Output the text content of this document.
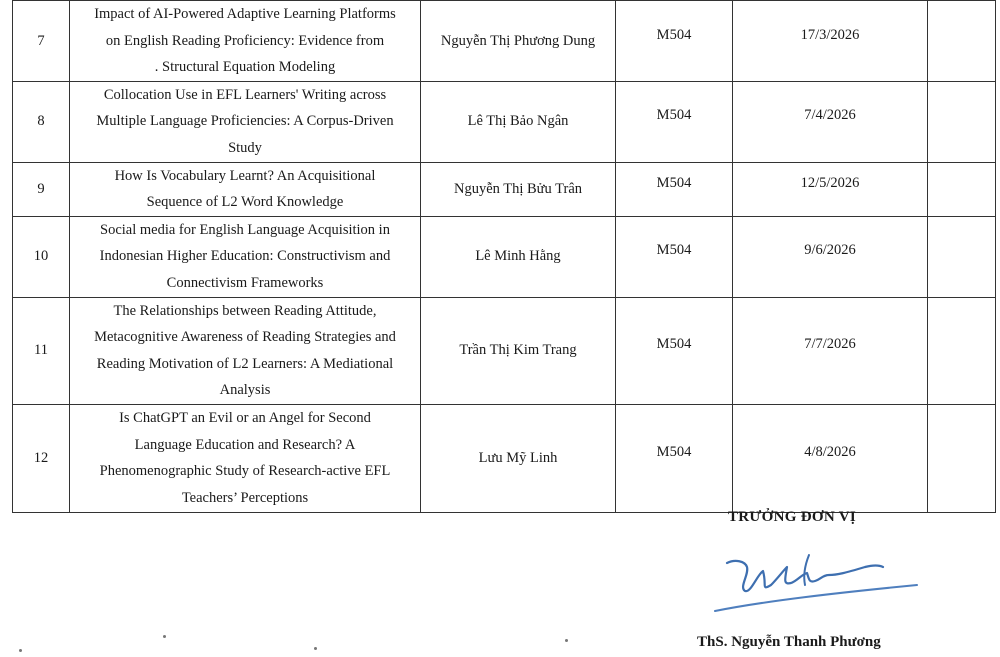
7	Impact of AI-Powered Adaptive Learning Platforms
on English Reading Proficiency: Evidence from
. Structural Equation Modeling	Nguyễn Thị Phương Dung	M504	17/3/2026	
8	Collocation Use in EFL Learners' Writing across
Multiple Language Proficiencies: A Corpus-Driven
Study	Lê Thị Bảo Ngân	M504	7/4/2026	
9	How Is Vocabulary Learnt? An Acquisitional
Sequence of L2 Word Knowledge	Nguyễn Thị Bửu Trân	M504	12/5/2026	
10	Social media for English Language Acquisition in
Indonesian Higher Education: Constructivism and
Connectivism Frameworks	Lê Minh Hằng	M504	9/6/2026	
11	The Relationships between Reading Attitude,
Metacognitive Awareness of Reading Strategies and
Reading Motivation of L2 Learners: A Mediational
Analysis	Trần Thị Kim Trang	M504	7/7/2026	
12	Is ChatGPT an Evil or an Angel for Second
Language Education and Research? A
Phenomenographic Study of Research-active EFL
Teachers’ Perceptions	Lưu Mỹ Linh	M504	4/8/2026	
TRƯỞNG ĐƠN VỊ
ThS. Nguyễn Thanh Phương
